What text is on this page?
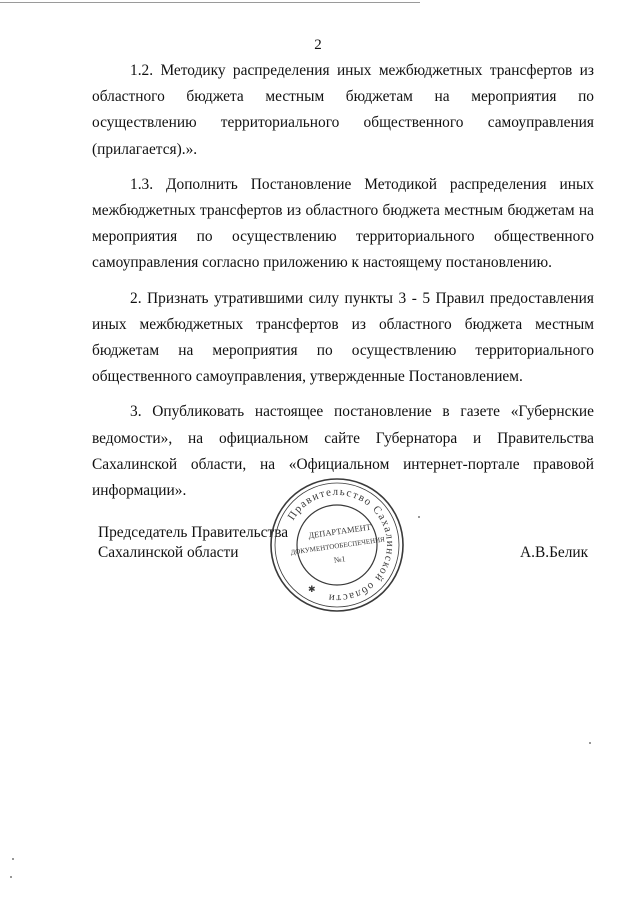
2

1.2. Методику распределения иных межбюджетных трансфертов из областного бюджета местным бюджетам на мероприятия по осуществлению территориального общественного самоуправления (прилагается).».

1.3. Дополнить Постановление Методикой распределения иных межбюджетных трансфертов из областного бюджета местным бюджетам на мероприятия по осуществлению территориального общественного самоуправления согласно приложению к настоящему постановлению.

2. Признать утратившими силу пункты 3 - 5 Правил предоставления иных межбюджетных трансфертов из областного бюджета местным бюджетам на мероприятия по осуществлению территориального общественного самоуправления, утвержденные Постановлением.

3. Опубликовать настоящее постановление в газете «Губернские ведомости», на официальном сайте Губернатора и Правительства Сахалинской области, на «Официальном интернет-портале правовой информации».

Председатель Правительства
Сахалинской области	А.В.Белик
Правительство Сахалинской области
ДЕПАРТАМЕНТ
ДОКУМЕНТООБЕСПЕЧЕНИЯ
№1
✱
